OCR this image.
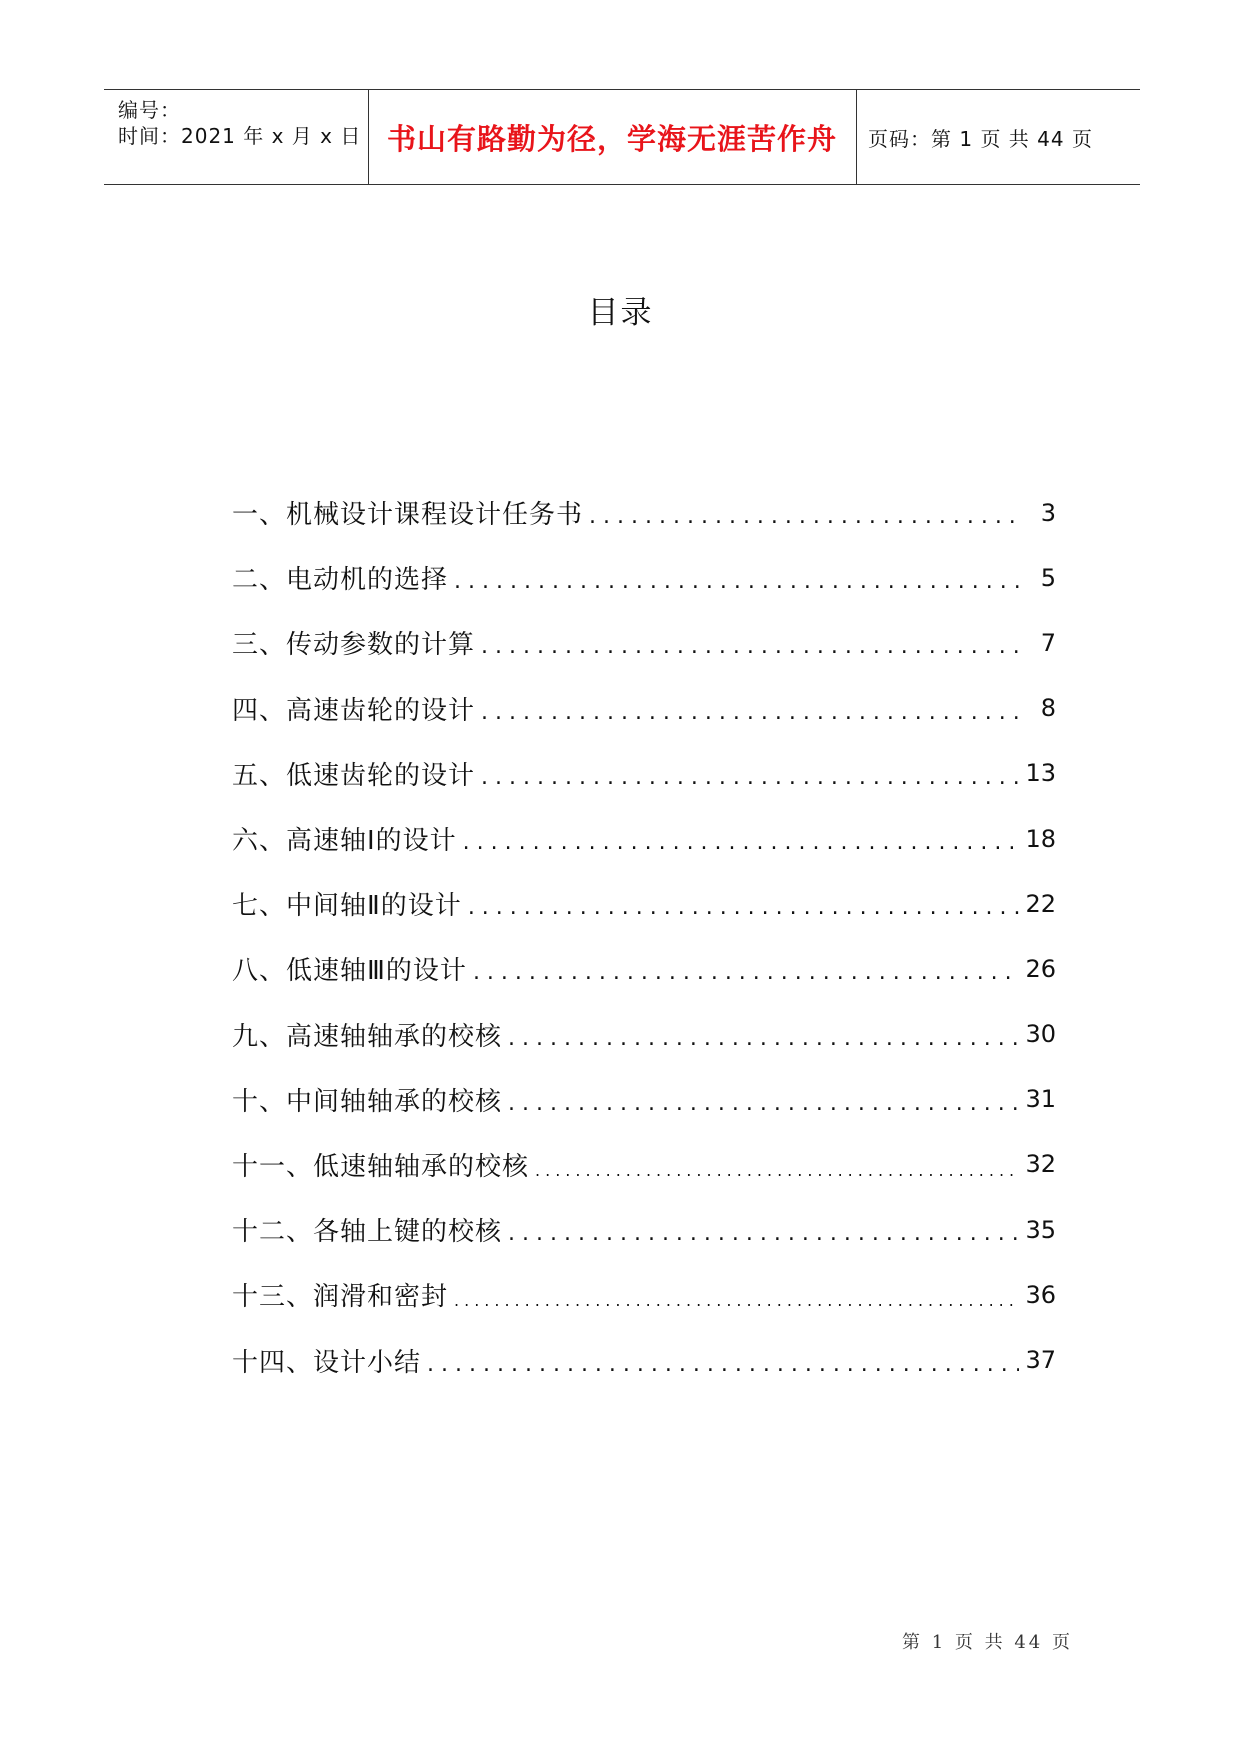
编号：
时间：2021 年 x 月 x 日 书山有路勤为径，学海无涯苦作舟	页码：第 1 页 共 44 页
目录
一、机械设计课程设计任务书 .....	3
二、电动机的选择 .....	5
三、传动参数的计算 .....	7
四、高速齿轮的设计 .....	8
五、低速齿轮的设计 .....	13
六、高速轴Ⅰ的设计 .....	18
七、中间轴Ⅱ的设计 .....	22
八、低速轴Ⅲ的设计 .....	26
九、高速轴轴承的校核 .....	30
十、中间轴轴承的校核 .....	31
十一、低速轴轴承的校核 .....	32
十二、各轴上键的校核 .....	35
十三、润滑和密封 .....	36
十四、设计小结 .....	37
第 1 页 共 44 页
